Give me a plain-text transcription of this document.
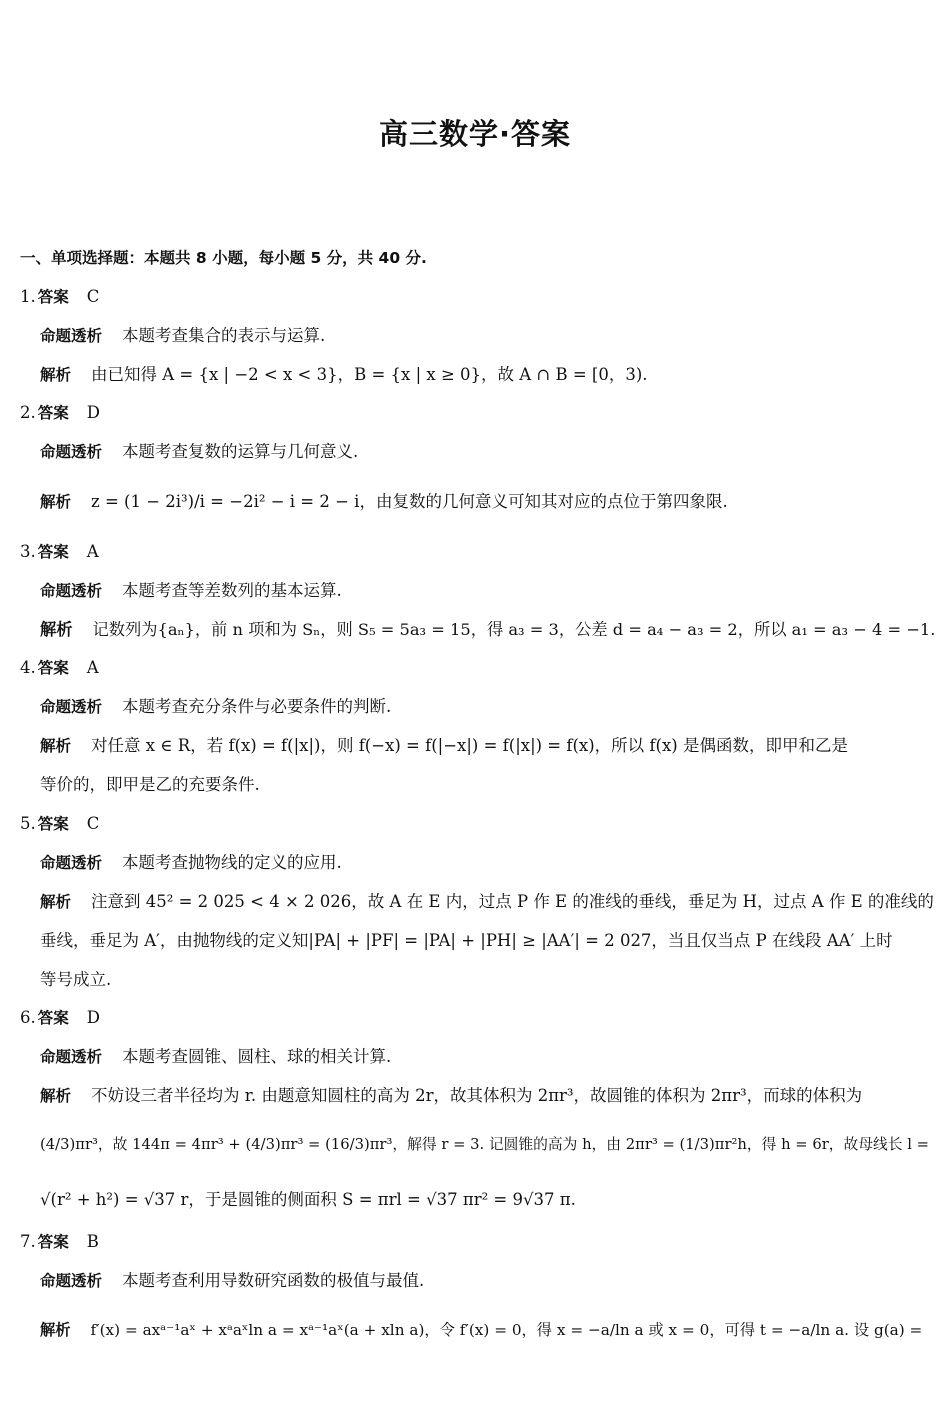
高三数学·答案
一、单项选择题：本题共 8 小题，每小题 5 分，共 40 分.
1. 答案 C
命题透析 本题考查集合的表示与运算.
解析 由已知得 A = {x | −2 < x < 3}，B = {x | x ≥ 0}，故 A ∩ B = [0，3).
2. 答案 D
命题透析 本题考查复数的运算与几何意义.
解析 z = (1 − 2i³)/i = −2i² − i = 2 − i，由复数的几何意义可知其对应的点位于第四象限.
3. 答案 A
命题透析 本题考查等差数列的基本运算.
解析 记数列为{aₙ}，前 n 项和为 Sₙ，则 S₅ = 5a₃ = 15，得 a₃ = 3，公差 d = a₄ − a₃ = 2，所以 a₁ = a₃ − 4 = −1.
4. 答案 A
命题透析 本题考查充分条件与必要条件的判断.
解析 对任意 x ∈ R，若 f(x) = f(|x|)，则 f(−x) = f(|−x|) = f(|x|) = f(x)，所以 f(x) 是偶函数，即甲和乙是
等价的，即甲是乙的充要条件.
5. 答案 C
命题透析 本题考查抛物线的定义的应用.
解析 注意到 45² = 2 025 < 4 × 2 026，故 A 在 E 内，过点 P 作 E 的准线的垂线，垂足为 H，过点 A 作 E 的准线的
垂线，垂足为 A′，由抛物线的定义知|PA| + |PF| = |PA| + |PH| ≥ |AA′| = 2 027，当且仅当点 P 在线段 AA′ 上时
等号成立.
6. 答案 D
命题透析 本题考查圆锥、圆柱、球的相关计算.
解析 不妨设三者半径均为 r. 由题意知圆柱的高为 2r，故其体积为 2πr³，故圆锥的体积为 2πr³，而球的体积为
(4/3)πr³，故 144π = 4πr³ + (4/3)πr³ = (16/3)πr³，解得 r = 3. 记圆锥的高为 h，由 2πr³ = (1/3)πr²h，得 h = 6r，故母线长 l =
√(r² + h²) = √37 r，于是圆锥的侧面积 S = πrl = √37 πr² = 9√37 π.
7. 答案 B
命题透析 本题考查利用导数研究函数的极值与最值.
解析 f′(x) = axᵃ⁻¹aˣ + xᵃaˣln a = xᵃ⁻¹aˣ(a + xln a)，令 f′(x) = 0，得 x = −a/ln a 或 x = 0，可得 t = −a/ln a. 设 g(a) =
